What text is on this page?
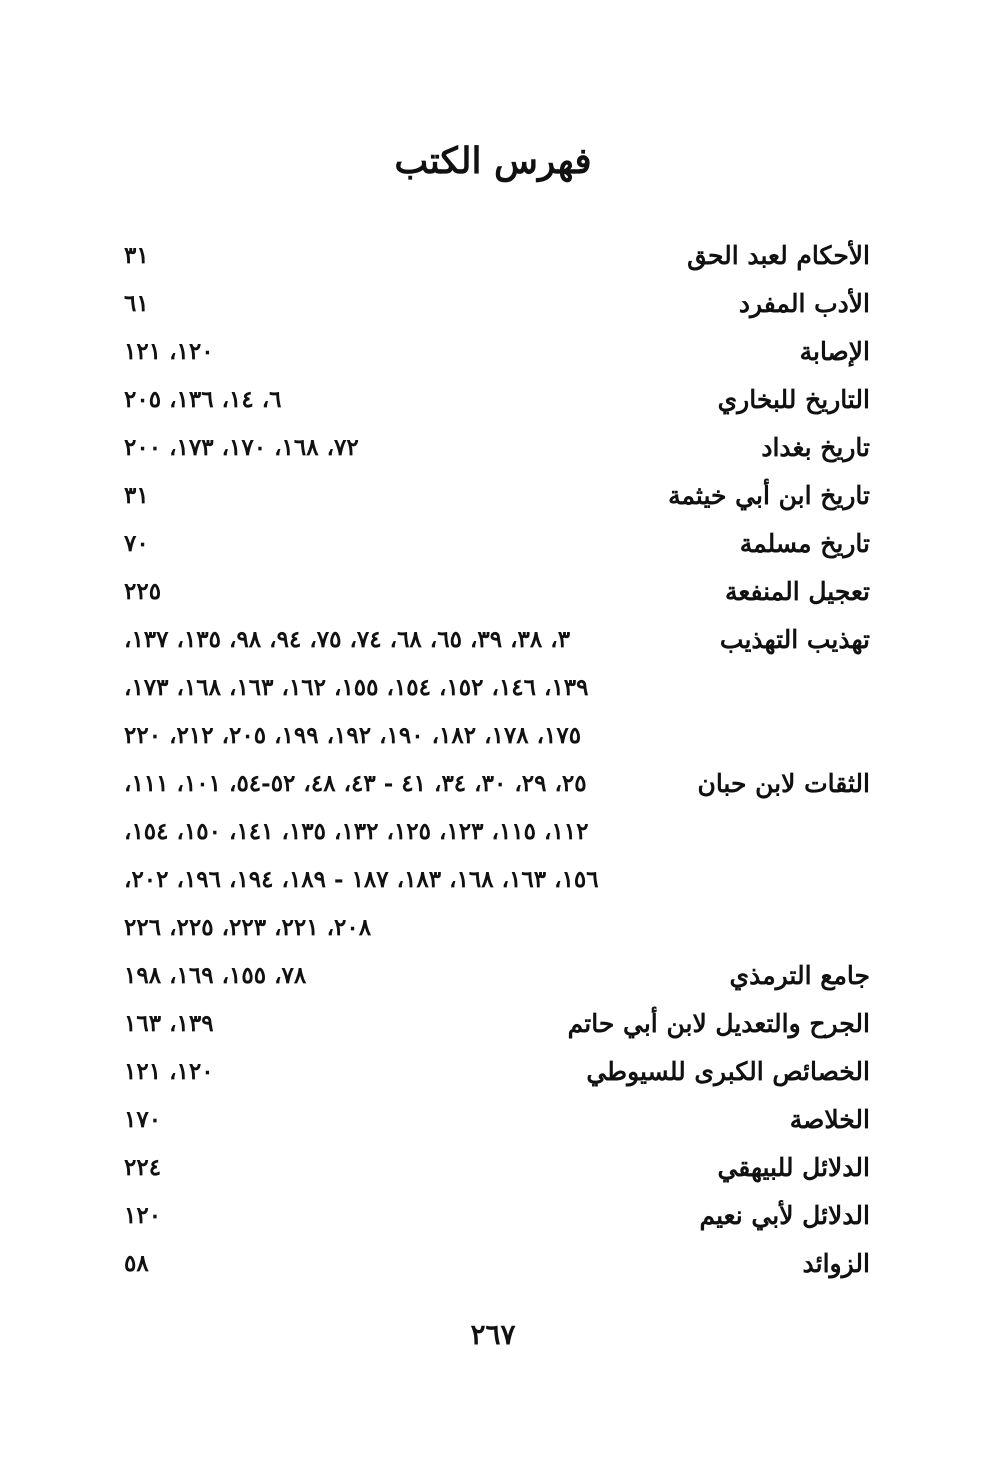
فهرس الكتب
الأحكام لعبد الحق
٣١
الأدب المفرد
٦١
الإصابة
١٢٠، ١٢١
التاريخ للبخاري
٦، ١٤، ١٣٦، ٢٠٥
تاريخ بغداد
٧٢، ١٦٨، ١٧٠، ١٧٣، ٢٠٠
تاريخ ابن أبي خيثمة
٣١
تاريخ مسلمة
٧٠
تعجيل المنفعة
٢٢٥
تهذيب التهذيب
٣، ٣٨، ٣٩، ٦٥، ٦٨، ٧٤، ٧٥، ٩٤، ٩٨، ١٣٥، ١٣٧،
١٣٩، ١٤٦، ١٥٢، ١٥٤، ١٥٥، ١٦٢، ١٦٣، ١٦٨، ١٧٣،
١٧٥، ١٧٨، ١٨٢، ١٩٠، ١٩٢، ١٩٩، ٢٠٥، ٢١٢، ٢٢٠
الثقات لابن حبان
٢٥، ٢٩، ٣٠، ٣٤، ٤١ - ٤٣، ٤٨، ٥٢-٥٤، ١٠١، ١١١،
١١٢، ١١٥، ١٢٣، ١٢٥، ١٣٢، ١٣٥، ١٤١، ١٥٠، ١٥٤،
١٥٦، ١٦٣، ١٦٨، ١٨٣، ١٨٧ - ١٨٩، ١٩٤، ١٩٦، ٢٠٢،
٢٠٨، ٢٢١، ٢٢٣، ٢٢٥، ٢٢٦
جامع الترمذي
٧٨، ١٥٥، ١٦٩، ١٩٨
الجرح والتعديل لابن أبي حاتم
١٣٩، ١٦٣
الخصائص الكبرى للسيوطي
١٢٠، ١٢١
الخلاصة
١٧٠
الدلائل للبيهقي
٢٢٤
الدلائل لأبي نعيم
١٢٠
الزوائد
٥٨
٢٦٧
